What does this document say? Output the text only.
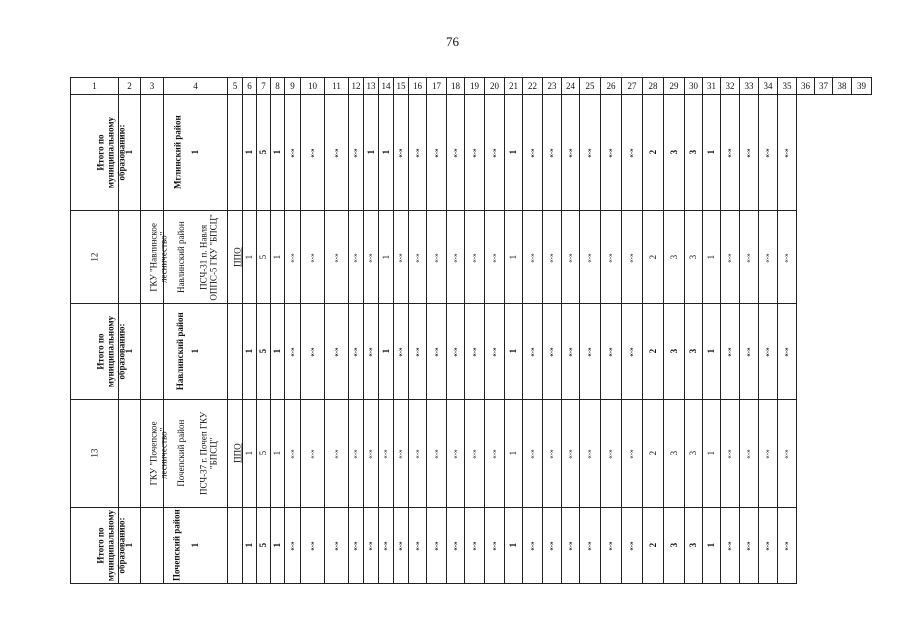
76
1	2	3	4	5	6	7	8	9	10	11	12	13	14	15	16	17	18	19	20	21	22	23	24	25	26	27	28	29	30	31	32	33	34	35	36	37	38	39
Итого по муниципальному образованию:	1	Мглинский район	1		1	5	1	«-»	«-»	«-»	«-»	1	1	«-»	«-»	«-»	«-»	«-»	«-»	1	«-»	«-»	«-»	«-»	«-»	«-»	2	3	3	1	«-»	«-»	«-»	«-»				
12	ГКУ "Навлинское лесничество"	Навлинский район	ПСЧ-31 п. Навля ОППС-5 ГКУ "БПСЦ"	ППО	1	5	1	«-»	«-»	«-»	«-»	«-»	1	«-»	«-»	«-»	«-»	«-»	«-»	1	«-»	«-»	«-»	«-»	«-»	«-»	2	3	3	1	«-»	«-»	«-»	«-»				
Итого по муниципальному образованию:	1	Навлинский район	1		1	5	1	«-»	«-»	«-»	«-»	«-»	1	«-»	«-»	«-»	«-»	«-»	«-»	1	«-»	«-»	«-»	«-»	«-»	«-»	2	3	3	1	«-»	«-»	«-»	«-»				
13	ГКУ "Почепское лесничество"	Почепский район	ПСЧ-37 г. Почеп ГКУ "БПСЦ"	ППО	1	5	1	«-»	«-»	«-»	«-»	«-»	«-»	«-»	«-»	«-»	«-»	«-»	«-»	1	«-»	«-»	«-»	«-»	«-»	«-»	2	3	3	1	«-»	«-»	«-»	«-»				
Итого по муниципальному образованию:	1	Почепский район	1		1	5	1	«-»	«-»	«-»	«-»	«-»	«-»	«-»	«-»	«-»	«-»	«-»	«-»	1	«-»	«-»	«-»	«-»	«-»	«-»	2	3	3	1	«-»	«-»	«-»	«-»				
